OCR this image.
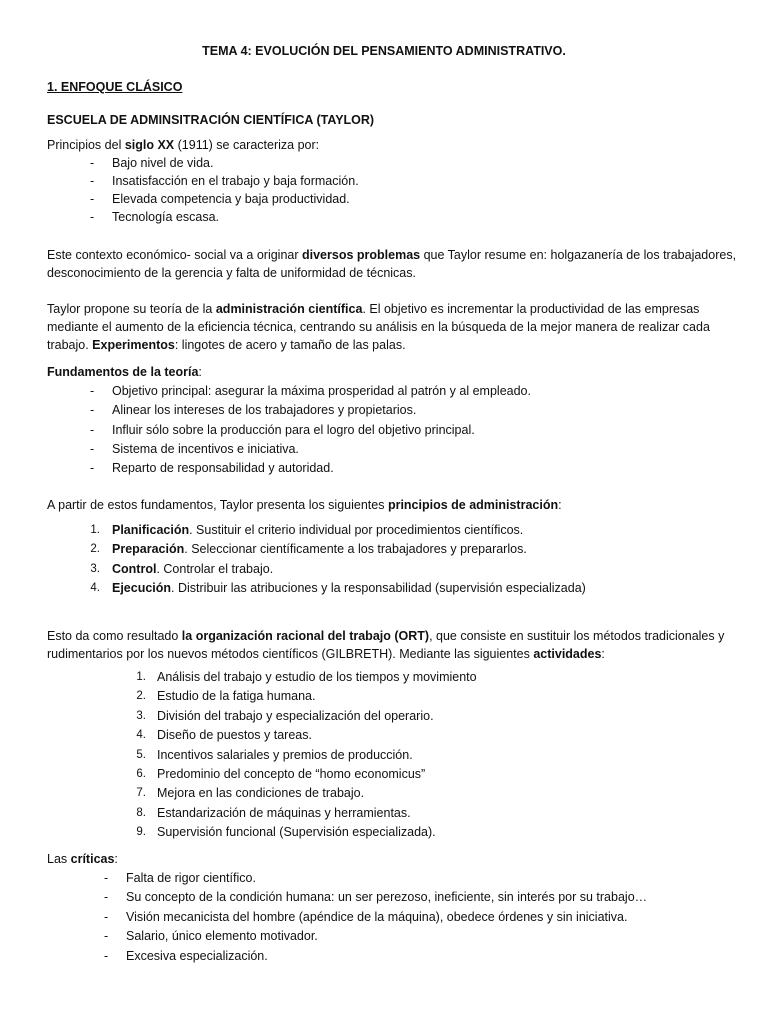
TEMA 4: EVOLUCIÓN DEL PENSAMIENTO ADMINISTRATIVO.
1. ENFOQUE CLÁSICO
ESCUELA DE ADMINSITRACIÓN CIENTÍFICA (TAYLOR)
Principios del siglo XX (1911) se caracteriza por:
- Bajo nivel de vida.
- Insatisfacción en el trabajo y baja formación.
- Elevada competencia y baja productividad.
- Tecnología escasa.
Este contexto económico- social va a originar diversos problemas que Taylor resume en: holgazanería de los trabajadores, desconocimiento de la gerencia y falta de uniformidad de técnicas.
Taylor propone su teoría de la administración científica. El objetivo es incrementar la productividad de las empresas mediante el aumento de la eficiencia técnica, centrando su análisis en la búsqueda de la mejor manera de realizar cada trabajo. Experimentos: lingotes de acero y tamaño de las palas.
Fundamentos de la teoría:
- Objetivo principal: asegurar la máxima prosperidad al patrón y al empleado.
- Alinear los intereses de los trabajadores y propietarios.
- Influir sólo sobre la producción para el logro del objetivo principal.
- Sistema de incentivos e iniciativa.
- Reparto de responsabilidad y autoridad.
A partir de estos fundamentos, Taylor presenta los siguientes principios de administración:
1. Planificación. Sustituir el criterio individual por procedimientos científicos.
2. Preparación. Seleccionar científicamente a los trabajadores y prepararlos.
3. Control. Controlar el trabajo.
4. Ejecución. Distribuir las atribuciones y la responsabilidad (supervisión especializada)
Esto da como resultado la organización racional del trabajo (ORT), que consiste en sustituir los métodos tradicionales y rudimentarios por los nuevos métodos científicos (GILBRETH). Mediante las siguientes actividades:
1. Análisis del trabajo y estudio de los tiempos y movimiento
2. Estudio de la fatiga humana.
3. División del trabajo y especialización del operario.
4. Diseño de puestos y tareas.
5. Incentivos salariales y premios de producción.
6. Predominio del concepto de “homo economicus”
7. Mejora en las condiciones de trabajo.
8. Estandarización de máquinas y herramientas.
9. Supervisión funcional (Supervisión especializada).
Las críticas:
- Falta de rigor científico.
- Su concepto de la condición humana: un ser perezoso, ineficiente, sin interés por su trabajo…
- Visión mecanicista del hombre (apéndice de la máquina), obedece órdenes y sin iniciativa.
- Salario, único elemento motivador.
- Excesiva especialización.
